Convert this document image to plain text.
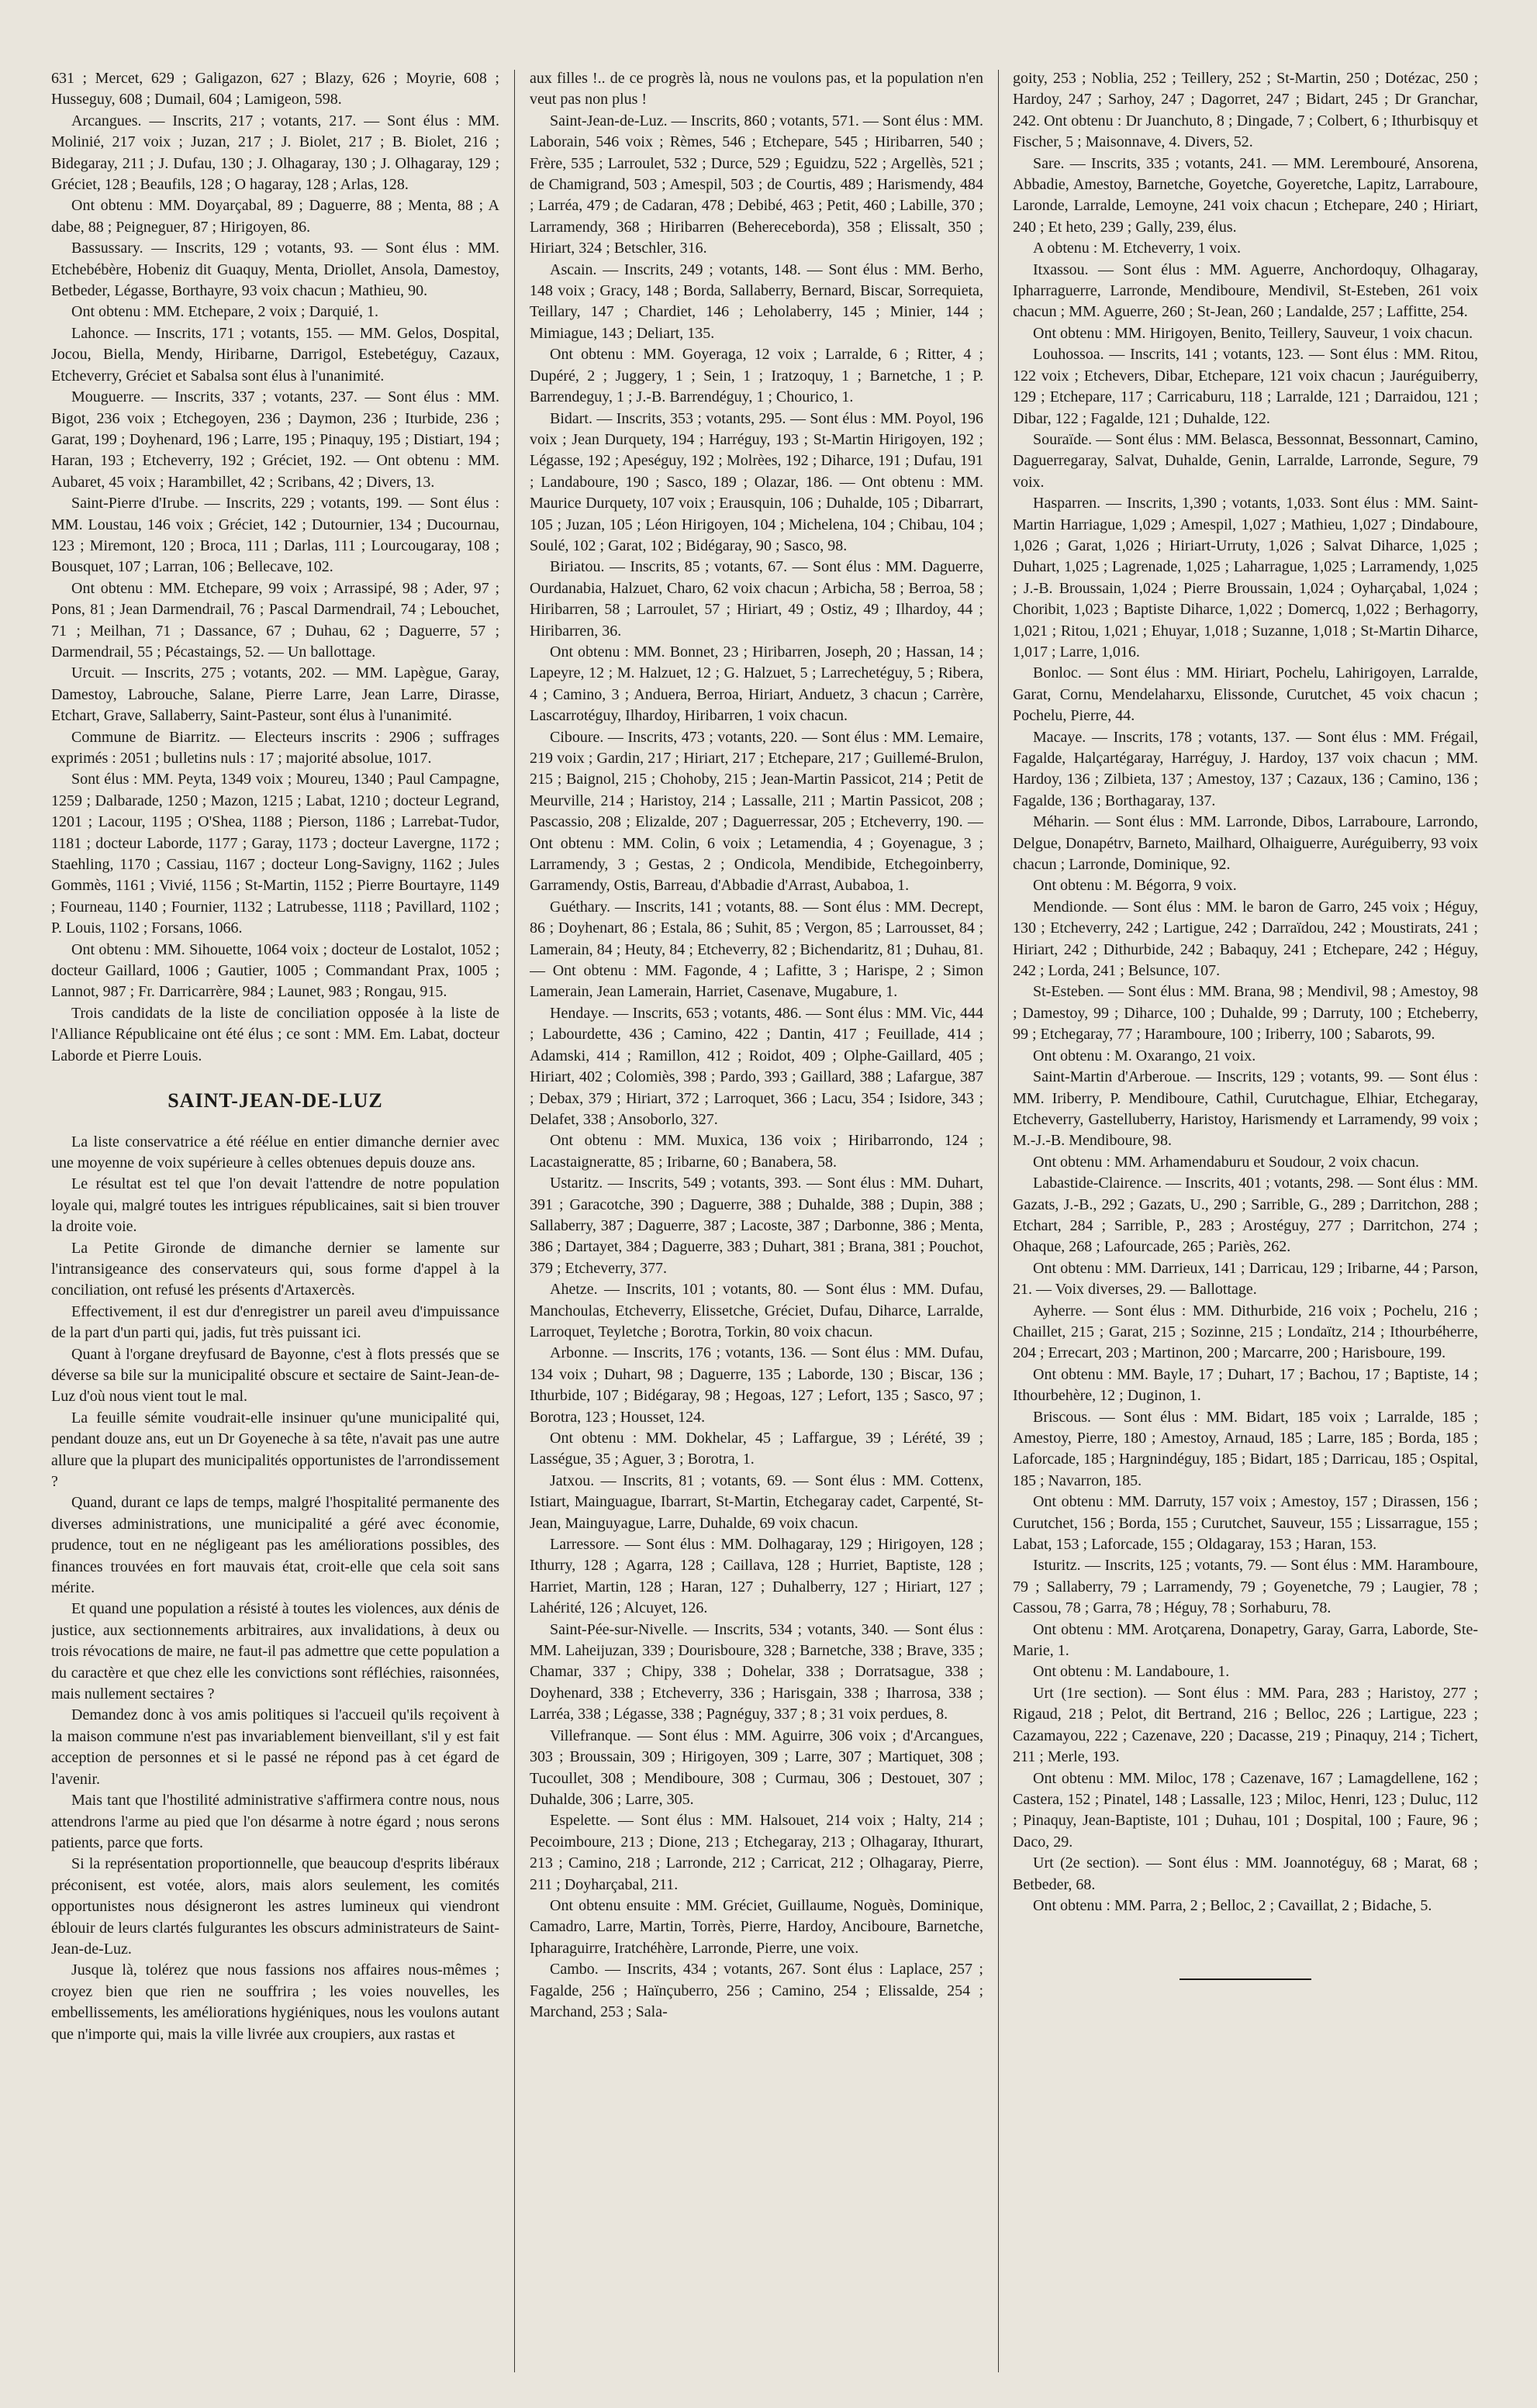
631 ; Mercet, 629 ; Galigazon, 627 ; Blazy, 626 ; Moyrie, 608 ; Husseguy, 608 ; Dumail, 604 ; Lamigeon, 598.

Arcangues. — Inscrits, 217 ; votants, 217. — Sont élus : MM. Molinié, 217 voix ; Juzan, 217 ; J. Biolet, 217 ; B. Biolet, 216 ; Bidegaray, 211 ; J. Dufau, 130 ; J. Olhagaray, 130 ; J. Olhagaray, 129 ; Gréciet, 128 ; Beaufils, 128 ; O hagaray, 128 ; Arlas, 128.

Ont obtenu : MM. Doyarçabal, 89 ; Daguerre, 88 ; Menta, 88 ; A dabe, 88 ; Peigneguer, 87 ; Hirigoyen, 86.

Bassussary. — Inscrits, 129 ; votants, 93. — Sont élus : MM. Etchebébère, Hobeniz dit Guaquy, Menta, Driollet, Ansola, Damestoy, Betbeder, Légasse, Borthayre, 93 voix chacun ; Mathieu, 90.

Ont obtenu : MM. Etchepare, 2 voix ; Darquié, 1.

Lahonce. — Inscrits, 171 ; votants, 155. — MM. Gelos, Dospital, Jocou, Biella, Mendy, Hiribarne, Darrigol, Estebetéguy, Cazaux, Etcheverry, Gréciet et Sabalsa sont élus à l'unanimité.

Mouguerre. — Inscrits, 337 ; votants, 237. — Sont élus : MM. Bigot, 236 voix ; Etchegoyen, 236 ; Daymon, 236 ; Iturbide, 236 ; Garat, 199 ; Doyhenard, 196 ; Larre, 195 ; Pinaquy, 195 ; Distiart, 194 ; Haran, 193 ; Etcheverry, 192 ; Gréciet, 192. — Ont obtenu : MM. Aubaret, 45 voix ; Harambillet, 42 ; Scribans, 42 ; Divers, 13.

Saint-Pierre d'Irube. — Inscrits, 229 ; votants, 199. — Sont élus : MM. Loustau, 146 voix ; Gréciet, 142 ; Dutournier, 134 ; Ducournau, 123 ; Miremont, 120 ; Broca, 111 ; Darlas, 111 ; Lourcougaray, 108 ; Bousquet, 107 ; Larran, 106 ; Bellecave, 102.

Ont obtenu : MM. Etchepare, 99 voix ; Arrassipé, 98 ; Ader, 97 ; Pons, 81 ; Jean Darmendrail, 76 ; Pascal Darmendrail, 74 ; Lebouchet, 71 ; Meilhan, 71 ; Dassance, 67 ; Duhau, 62 ; Daguerre, 57 ; Darmendrail, 55 ; Pécastaings, 52. — Un ballottage.

Urcuit. — Inscrits, 275 ; votants, 202. — MM. Lapègue, Garay, Damestoy, Labrouche, Salane, Pierre Larre, Jean Larre, Dirasse, Etchart, Grave, Sallaberry, Saint-Pasteur, sont élus à l'unanimité.

Commune de Biarritz. — Electeurs inscrits : 2906 ; suffrages exprimés : 2051 ; bulletins nuls : 17 ; majorité absolue, 1017.

Sont élus : MM. Peyta, 1349 voix ; Moureu, 1340 ; Paul Campagne, 1259 ; Dalbarade, 1250 ; Mazon, 1215 ; Labat, 1210 ; docteur Legrand, 1201 ; Lacour, 1195 ; O'Shea, 1188 ; Pierson, 1186 ; Larrebat-Tudor, 1181 ; docteur Laborde, 1177 ; Garay, 1173 ; docteur Lavergne, 1172 ; Staehling, 1170 ; Cassiau, 1167 ; docteur Long-Savigny, 1162 ; Jules Gommès, 1161 ; Vivié, 1156 ; St-Martin, 1152 ; Pierre Bourtayre, 1149 ; Fourneau, 1140 ; Fournier, 1132 ; Latrubesse, 1118 ; Pavillard, 1102 ; P. Louis, 1102 ; Forsans, 1066.

Ont obtenu : MM. Sihouette, 1064 voix ; docteur de Lostalot, 1052 ; docteur Gaillard, 1006 ; Gautier, 1005 ; Commandant Prax, 1005 ; Lannot, 987 ; Fr. Darricarrère, 984 ; Launet, 983 ; Rongau, 915.

Trois candidats de la liste de conciliation opposée à la liste de l'Alliance Républicaine ont été élus ; ce sont : MM. Em. Labat, docteur Laborde et Pierre Louis.

SAINT-JEAN-DE-LUZ

La liste conservatrice a été réélue en entier dimanche dernier avec une moyenne de voix supérieure à celles obtenues depuis douze ans.

Le résultat est tel que l'on devait l'attendre de notre population loyale qui, malgré toutes les intrigues républicaines, sait si bien trouver la droite voie.

La Petite Gironde de dimanche dernier se lamente sur l'intransigeance des conservateurs qui, sous forme d'appel à la conciliation, ont refusé les présents d'Artaxercès.

Effectivement, il est dur d'enregistrer un pareil aveu d'impuissance de la part d'un parti qui, jadis, fut très puissant ici.

Quant à l'organe dreyfusard de Bayonne, c'est à flots pressés que se déverse sa bile sur la municipalité obscure et sectaire de Saint-Jean-de-Luz d'où nous vient tout le mal.

La feuille sémite voudrait-elle insinuer qu'une municipalité qui, pendant douze ans, eut un Dr Goyeneche à sa tête, n'avait pas une autre allure que la plupart des municipalités opportunistes de l'arrondissement ?

Quand, durant ce laps de temps, malgré l'hospitalité permanente des diverses administrations, une municipalité a géré avec économie, prudence, tout en ne négligeant pas les améliorations possibles, des finances trouvées en fort mauvais état, croit-elle que cela soit sans mérite.

Et quand une population a résisté à toutes les violences, aux dénis de justice, aux sectionnements arbitraires, aux invalidations, à deux ou trois révocations de maire, ne faut-il pas admettre que cette population a du caractère et que chez elle les convictions sont réfléchies, raisonnées, mais nullement sectaires ?

Demandez donc à vos amis politiques si l'accueil qu'ils reçoivent à la maison commune n'est pas invariablement bienveillant, s'il y est fait acception de personnes et si le passé ne répond pas à cet égard de l'avenir.

Mais tant que l'hostilité administrative s'affirmera contre nous, nous attendrons l'arme au pied que l'on désarme à notre égard ; nous serons patients, parce que forts.

Si la représentation proportionnelle, que beaucoup d'esprits libéraux préconisent, est votée, alors, mais alors seulement, les comités opportunistes nous désigneront les astres lumineux qui viendront éblouir de leurs clartés fulgurantes les obscurs administrateurs de Saint-Jean-de-Luz.

Jusque là, tolérez que nous fassions nos affaires nous-mêmes ; croyez bien que rien ne souffrira ; les voies nouvelles, les embellissements, les améliorations hygiéniques, nous les voulons autant que n'importe qui, mais la ville livrée aux croupiers, aux rastas et

aux filles !.. de ce progrès là, nous ne voulons pas, et la population n'en veut pas non plus !

Saint-Jean-de-Luz. — Inscrits, 860 ; votants, 571. — Sont élus : MM. Laborain, 546 voix ; Rèmes, 546 ; Etchepare, 545 ; Hiribarren, 540 ; Frère, 535 ; Larroulet, 532 ; Durce, 529 ; Eguidzu, 522 ; Argellès, 521 ; de Chamigrand, 503 ; Amespil, 503 ; de Courtis, 489 ; Harismendy, 484 ; Larréa, 479 ; de Cadaran, 478 ; Debibé, 463 ; Petit, 460 ; Labille, 370 ; Larramendy, 368 ; Hiribarren (Behereceborda), 358 ; Elissalt, 350 ; Hiriart, 324 ; Betschler, 316.

Ascain. — Inscrits, 249 ; votants, 148. — Sont élus : MM. Berho, 148 voix ; Gracy, 148 ; Borda, Sallaberry, Bernard, Biscar, Sorrequieta, Teillary, 147 ; Chardiet, 146 ; Leholaberry, 145 ; Minier, 144 ; Mimiague, 143 ; Deliart, 135.

Ont obtenu : MM. Goyeraga, 12 voix ; Larralde, 6 ; Ritter, 4 ; Dupéré, 2 ; Juggery, 1 ; Sein, 1 ; Iratzoquy, 1 ; Barnetche, 1 ; P. Barrendeguy, 1 ; J.-B. Barrendéguy, 1 ; Chourico, 1.

Bidart. — Inscrits, 353 ; votants, 295. — Sont élus : MM. Poyol, 196 voix ; Jean Durquety, 194 ; Harréguy, 193 ; St-Martin Hirigoyen, 192 ; Légasse, 192 ; Apeséguy, 192 ; Molrèes, 192 ; Diharce, 191 ; Dufau, 191 ; Landaboure, 190 ; Sasco, 189 ; Olazar, 186. — Ont obtenu : MM. Maurice Durquety, 107 voix ; Erausquin, 106 ; Duhalde, 105 ; Dibarrart, 105 ; Juzan, 105 ; Léon Hirigoyen, 104 ; Michelena, 104 ; Chibau, 104 ; Soulé, 102 ; Garat, 102 ; Bidégaray, 90 ; Sasco, 98.

Biriatou. — Inscrits, 85 ; votants, 67. — Sont élus : MM. Daguerre, Ourdanabia, Halzuet, Charo, 62 voix chacun ; Arbicha, 58 ; Berroa, 58 ; Hiribarren, 58 ; Larroulet, 57 ; Hiriart, 49 ; Ostiz, 49 ; Ilhardoy, 44 ; Hiribarren, 36.

Ont obtenu : MM. Bonnet, 23 ; Hiribarren, Joseph, 20 ; Hassan, 14 ; Lapeyre, 12 ; M. Halzuet, 12 ; G. Halzuet, 5 ; Larrechetéguy, 5 ; Ribera, 4 ; Camino, 3 ; Anduera, Berroa, Hiriart, Anduetz, 3 chacun ; Carrère, Lascarrotéguy, Ilhardoy, Hiribarren, 1 voix chacun.

Ciboure. — Inscrits, 473 ; votants, 220. — Sont élus : MM. Lemaire, 219 voix ; Gardin, 217 ; Hiriart, 217 ; Etchepare, 217 ; Guillemé-Brulon, 215 ; Baignol, 215 ; Chohoby, 215 ; Jean-Martin Passicot, 214 ; Petit de Meurville, 214 ; Haristoy, 214 ; Lassalle, 211 ; Martin Passicot, 208 ; Pascassio, 208 ; Elizalde, 207 ; Daguerressar, 205 ; Etcheverry, 190. — Ont obtenu : MM. Colin, 6 voix ; Letamendia, 4 ; Goyenague, 3 ; Larramendy, 3 ; Gestas, 2 ; Ondicola, Mendibide, Etchegoinberry, Garramendy, Ostis, Barreau, d'Abbadie d'Arrast, Aubaboa, 1.

Guéthary. — Inscrits, 141 ; votants, 88. — Sont élus : MM. Decrept, 86 ; Doyhenart, 86 ; Estala, 86 ; Suhit, 85 ; Vergon, 85 ; Larrousset, 84 ; Lamerain, 84 ; Heuty, 84 ; Etcheverry, 82 ; Bichendaritz, 81 ; Duhau, 81. — Ont obtenu : MM. Fagonde, 4 ; Lafitte, 3 ; Harispe, 2 ; Simon Lamerain, Jean Lamerain, Harriet, Casenave, Mugabure, 1.

Hendaye. — Inscrits, 653 ; votants, 486. — Sont élus : MM. Vic, 444 ; Labourdette, 436 ; Camino, 422 ; Dantin, 417 ; Feuillade, 414 ; Adamski, 414 ; Ramillon, 412 ; Roidot, 409 ; Olphe-Gaillard, 405 ; Hiriart, 402 ; Colomiès, 398 ; Pardo, 393 ; Gaillard, 388 ; Lafargue, 387 ; Debax, 379 ; Hiriart, 372 ; Larroquet, 366 ; Lacu, 354 ; Isidore, 343 ; Delafet, 338 ; Ansoborlo, 327.

Ont obtenu : MM. Muxica, 136 voix ; Hiribarrondo, 124 ; Lacastaigneratte, 85 ; Iribarne, 60 ; Banabera, 58.

Ustaritz. — Inscrits, 549 ; votants, 393. — Sont élus : MM. Duhart, 391 ; Garacotche, 390 ; Daguerre, 388 ; Duhalde, 388 ; Dupin, 388 ; Sallaberry, 387 ; Daguerre, 387 ; Lacoste, 387 ; Darbonne, 386 ; Menta, 386 ; Dartayet, 384 ; Daguerre, 383 ; Duhart, 381 ; Brana, 381 ; Pouchot, 379 ; Etcheverry, 377.

Ahetze. — Inscrits, 101 ; votants, 80. — Sont élus : MM. Dufau, Manchoulas, Etcheverry, Elissetche, Gréciet, Dufau, Diharce, Larralde, Larroquet, Teyletche ; Borotra, Torkin, 80 voix chacun.

Arbonne. — Inscrits, 176 ; votants, 136. — Sont élus : MM. Dufau, 134 voix ; Duhart, 98 ; Daguerre, 135 ; Laborde, 130 ; Biscar, 136 ; Ithurbide, 107 ; Bidégaray, 98 ; Hegoas, 127 ; Lefort, 135 ; Sasco, 97 ; Borotra, 123 ; Housset, 124.

Ont obtenu : MM. Dokhelar, 45 ; Laffargue, 39 ; Lérété, 39 ; Lasségue, 35 ; Aguer, 3 ; Borotra, 1.

Jatxou. — Inscrits, 81 ; votants, 69. — Sont élus : MM. Cottenx, Istiart, Mainguague, Ibarrart, St-Martin, Etchegaray cadet, Carpenté, St-Jean, Mainguyague, Larre, Duhalde, 69 voix chacun.

Larressore. — Sont élus : MM. Dolhagaray, 129 ; Hirigoyen, 128 ; Ithurry, 128 ; Agarra, 128 ; Caillava, 128 ; Hurriet, Baptiste, 128 ; Harriet, Martin, 128 ; Haran, 127 ; Duhalberry, 127 ; Hiriart, 127 ; Lahérité, 126 ; Alcuyet, 126.

Saint-Pée-sur-Nivelle. — Inscrits, 534 ; votants, 340. — Sont élus : MM. Laheijuzan, 339 ; Dourisboure, 328 ; Barnetche, 338 ; Brave, 335 ; Chamar, 337 ; Chipy, 338 ; Dohelar, 338 ; Dorratsague, 338 ; Doyhenard, 338 ; Etcheverry, 336 ; Harisgain, 338 ; Iharrosa, 338 ; Larréa, 338 ; Légasse, 338 ; Pagnéguy, 337 ; 8 ; 31 voix perdues, 8.

Villefranque. — Sont élus : MM. Aguirre, 306 voix ; d'Arcangues, 303 ; Broussain, 309 ; Hirigoyen, 309 ; Larre, 307 ; Martiquet, 308 ; Tucoullet, 308 ; Mendiboure, 308 ; Curmau, 306 ; Destouet, 307 ; Duhalde, 306 ; Larre, 305.

Espelette. — Sont élus : MM. Halsouet, 214 voix ; Halty, 214 ; Pecoimboure, 213 ; Dione, 213 ; Etchegaray, 213 ; Olhagaray, Ithurart, 213 ; Camino, 218 ; Larronde, 212 ; Carricat, 212 ; Olhagaray, Pierre, 211 ; Doyharçabal, 211.

Ont obtenu ensuite : MM. Gréciet, Guillaume, Noguès, Dominique, Camadro, Larre, Martin, Torrès, Pierre, Hardoy, Anciboure, Barnetche, Ipharaguirre, Iratchéhère, Larronde, Pierre, une voix.

Cambo. — Inscrits, 434 ; votants, 267. Sont élus : Laplace, 257 ; Fagalde, 256 ; Haïnçuberro, 256 ; Camino, 254 ; Elissalde, 254 ; Marchand, 253 ; Sala-

goity, 253 ; Noblia, 252 ; Teillery, 252 ; St-Martin, 250 ; Dotézac, 250 ; Hardoy, 247 ; Sarhoy, 247 ; Dagorret, 247 ; Bidart, 245 ; Dr Granchar, 242. Ont obtenu : Dr Juanchuto, 8 ; Dingade, 7 ; Colbert, 6 ; Ithurbisquy et Fischer, 5 ; Maisonnave, 4. Divers, 52.

Sare. — Inscrits, 335 ; votants, 241. — MM. Lerembouré, Ansorena, Abbadie, Amestoy, Barnetche, Goyetche, Goyeretche, Lapitz, Larraboure, Laronde, Larralde, Lemoyne, 241 voix chacun ; Etchepare, 240 ; Hiriart, 240 ; Et heto, 239 ; Gally, 239, élus.

A obtenu : M. Etcheverry, 1 voix.

Itxassou. — Sont élus : MM. Aguerre, Anchordoquy, Olhagaray, Ipharraguerre, Larronde, Mendiboure, Mendivil, St-Esteben, 261 voix chacun ; MM. Aguerre, 260 ; St-Jean, 260 ; Landalde, 257 ; Laffitte, 254.

Ont obtenu : MM. Hirigoyen, Benito, Teillery, Sauveur, 1 voix chacun.

Louhossoa. — Inscrits, 141 ; votants, 123. — Sont élus : MM. Ritou, 122 voix ; Etchevers, Dibar, Etchepare, 121 voix chacun ; Jauréguiberry, 129 ; Etchepare, 117 ; Carricaburu, 118 ; Larralde, 121 ; Darraidou, 121 ; Dibar, 122 ; Fagalde, 121 ; Duhalde, 122.

Souraïde. — Sont élus : MM. Belasca, Bessonnat, Bessonnart, Camino, Daguerregaray, Salvat, Duhalde, Genin, Larralde, Larronde, Segure, 79 voix.

Hasparren. — Inscrits, 1,390 ; votants, 1,033. Sont élus : MM. Saint-Martin Harriague, 1,029 ; Amespil, 1,027 ; Mathieu, 1,027 ; Dindaboure, 1,026 ; Garat, 1,026 ; Hiriart-Urruty, 1,026 ; Salvat Diharce, 1,025 ; Duhart, 1,025 ; Lagrenade, 1,025 ; Laharrague, 1,025 ; Larramendy, 1,025 ; J.-B. Broussain, 1,024 ; Pierre Broussain, 1,024 ; Oyharçabal, 1,024 ; Choribit, 1,023 ; Baptiste Diharce, 1,022 ; Domercq, 1,022 ; Berhagorry, 1,021 ; Ritou, 1,021 ; Ehuyar, 1,018 ; Suzanne, 1,018 ; St-Martin Diharce, 1,017 ; Larre, 1,016.

Bonloc. — Sont élus : MM. Hiriart, Pochelu, Lahirigoyen, Larralde, Garat, Cornu, Mendelaharxu, Elissonde, Curutchet, 45 voix chacun ; Pochelu, Pierre, 44.

Macaye. — Inscrits, 178 ; votants, 137. — Sont élus : MM. Frégail, Fagalde, Halçartégaray, Harréguy, J. Hardoy, 137 voix chacun ; MM. Hardoy, 136 ; Zilbieta, 137 ; Amestoy, 137 ; Cazaux, 136 ; Camino, 136 ; Fagalde, 136 ; Borthagaray, 137.

Méharin. — Sont élus : MM. Larronde, Dibos, Larraboure, Larrondo, Delgue, Donapétrv, Barneto, Mailhard, Olhaiguerre, Auréguiberry, 93 voix chacun ; Larronde, Dominique, 92.

Ont obtenu : M. Bégorra, 9 voix.

Mendionde. — Sont élus : MM. le baron de Garro, 245 voix ; Héguy, 130 ; Etcheverry, 242 ; Lartigue, 242 ; Darraïdou, 242 ; Moustirats, 241 ; Hiriart, 242 ; Dithurbide, 242 ; Babaquy, 241 ; Etchepare, 242 ; Héguy, 242 ; Lorda, 241 ; Belsunce, 107.

St-Esteben. — Sont élus : MM. Brana, 98 ; Mendivil, 98 ; Amestoy, 98 ; Damestoy, 99 ; Diharce, 100 ; Duhalde, 99 ; Darruty, 100 ; Etcheberry, 99 ; Etchegaray, 77 ; Haramboure, 100 ; Iriberry, 100 ; Sabarots, 99.

Ont obtenu : M. Oxarango, 21 voix.

Saint-Martin d'Arberoue. — Inscrits, 129 ; votants, 99. — Sont élus : MM. Iriberry, P. Mendiboure, Cathil, Curutchague, Elhiar, Etchegaray, Etcheverry, Gastelluberry, Haristoy, Harismendy et Larramendy, 99 voix ; M.-J.-B. Mendiboure, 98.

Ont obtenu : MM. Arhamendaburu et Soudour, 2 voix chacun.

Labastide-Clairence. — Inscrits, 401 ; votants, 298. — Sont élus : MM. Gazats, J.-B., 292 ; Gazats, U., 290 ; Sarrible, G., 289 ; Darritchon, 288 ; Etchart, 284 ; Sarrible, P., 283 ; Arostéguy, 277 ; Darritchon, 274 ; Ohaque, 268 ; Lafourcade, 265 ; Pariès, 262.

Ont obtenu : MM. Darrieux, 141 ; Darricau, 129 ; Iribarne, 44 ; Parson, 21. — Voix diverses, 29. — Ballottage.

Ayherre. — Sont élus : MM. Dithurbide, 216 voix ; Pochelu, 216 ; Chaillet, 215 ; Garat, 215 ; Sozinne, 215 ; Londaïtz, 214 ; Ithourbéherre, 204 ; Errecart, 203 ; Martinon, 200 ; Marcarre, 200 ; Harisboure, 199.

Ont obtenu : MM. Bayle, 17 ; Duhart, 17 ; Bachou, 17 ; Baptiste, 14 ; Ithourbehère, 12 ; Duginon, 1.

Briscous. — Sont élus : MM. Bidart, 185 voix ; Larralde, 185 ; Amestoy, Pierre, 180 ; Amestoy, Arnaud, 185 ; Larre, 185 ; Borda, 185 ; Laforcade, 185 ; Hargnindéguy, 185 ; Bidart, 185 ; Darricau, 185 ; Ospital, 185 ; Navarron, 185.

Ont obtenu : MM. Darruty, 157 voix ; Amestoy, 157 ; Dirassen, 156 ; Curutchet, 156 ; Borda, 155 ; Curutchet, Sauveur, 155 ; Lissarrague, 155 ; Labat, 153 ; Laforcade, 155 ; Oldagaray, 153 ; Haran, 153.

Isturitz. — Inscrits, 125 ; votants, 79. — Sont élus : MM. Haramboure, 79 ; Sallaberry, 79 ; Larramendy, 79 ; Goyenetche, 79 ; Laugier, 78 ; Cassou, 78 ; Garra, 78 ; Héguy, 78 ; Sorhaburu, 78.

Ont obtenu : MM. Arotçarena, Donapetry, Garay, Garra, Laborde, Ste-Marie, 1.

Ont obtenu : M. Landaboure, 1.

Urt (1re section). — Sont élus : MM. Para, 283 ; Haristoy, 277 ; Rigaud, 218 ; Pelot, dit Bertrand, 216 ; Belloc, 226 ; Lartigue, 223 ; Cazamayou, 222 ; Cazenave, 220 ; Dacasse, 219 ; Pinaquy, 214 ; Tichert, 211 ; Merle, 193.

Ont obtenu : MM. Miloc, 178 ; Cazenave, 167 ; Lamagdellene, 162 ; Castera, 152 ; Pinatel, 148 ; Lassalle, 123 ; Miloc, Henri, 123 ; Duluc, 112 ; Pinaquy, Jean-Baptiste, 101 ; Duhau, 101 ; Dospital, 100 ; Faure, 96 ; Daco, 29.

Urt (2e section). — Sont élus : MM. Joannotéguy, 68 ; Marat, 68 ; Betbeder, 68.

Ont obtenu : MM. Parra, 2 ; Belloc, 2 ; Cavaillat, 2 ; Bidache, 5.
